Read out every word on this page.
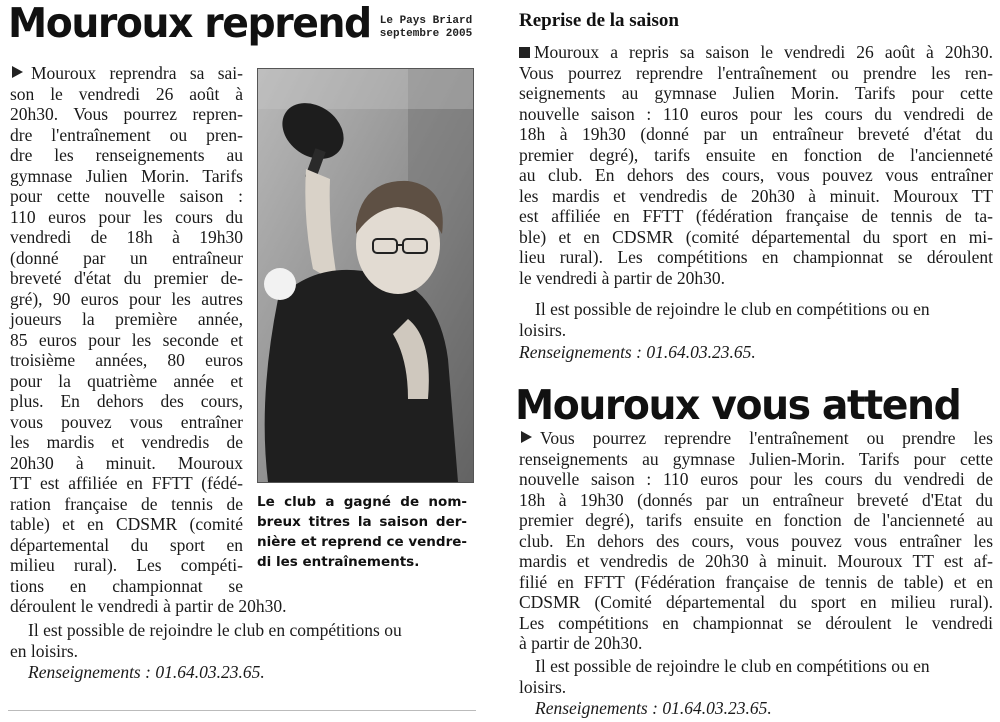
Mouroux reprend Le Pays Briard
septembre 2005
Mouroux reprendra sa sai-
son le vendredi 26 août à
20h30. Vous pourrez repren-
dre l'entraînement ou pren-
dre les renseignements au
gymnase Julien Morin. Tarifs
pour cette nouvelle saison :
110 euros pour les cours du
vendredi de 18h à 19h30
(donné par un entraîneur
breveté d'état du premier de-
gré), 90 euros pour les autres
joueurs la première année,
85 euros pour les seconde et
troisième années, 80 euros
pour la quatrième année et
plus. En dehors des cours,
vous pouvez vous entraîner
les mardis et vendredis de
20h30 à minuit. Mouroux
TT est affiliée en FFTT (fédé-
ration française de tennis de
table) et en CDSMR (comité
départemental du sport en
milieu rural). Les compéti-
tions en championnat se
déroulent le vendredi à partir de 20h30.
Il est possible de rejoindre le club en compétitions ou
en loisirs.
Renseignements : 01.64.03.23.65.
Le club a gagné de nom-
breux titres la saison der-
nière et reprend ce vendre-
di les entraînements.
Reprise de la saison
Mouroux a repris sa saison le vendredi 26 août à 20h30.
Vous pourrez reprendre l'entraînement ou prendre les ren-
seignements au gymnase Julien Morin. Tarifs pour cette
nouvelle saison : 110 euros pour les cours du vendredi de
18h à 19h30 (donné par un entraîneur breveté d'état du
premier degré), tarifs ensuite en fonction de l'ancienneté
au club. En dehors des cours, vous pouvez vous entraîner
les mardis et vendredis de 20h30 à minuit. Mouroux TT
est affiliée en FFTT (fédération française de tennis de ta-
ble) et en CDSMR (comité départemental du sport en mi-
lieu rural). Les compétitions en championnat se déroulent
le vendredi à partir de 20h30.
Il est possible de rejoindre le club en compétitions ou en
loisirs.
Renseignements : 01.64.03.23.65.
Mouroux vous attend
Vous pourrez reprendre l'entraînement ou prendre les
renseignements au gymnase Julien-Morin. Tarifs pour cette
nouvelle saison : 110 euros pour les cours du vendredi de
18h à 19h30 (donnés par un entraîneur breveté d'Etat du
premier degré), tarifs ensuite en fonction de l'ancienneté au
club. En dehors des cours, vous pouvez vous entraîner les
mardis et vendredis de 20h30 à minuit. Mouroux TT est af-
filié en FFTT (Fédération française de tennis de table) et en
CDSMR (Comité départemental du sport en milieu rural).
Les compétitions en championnat se déroulent le vendredi
à partir de 20h30.
Il est possible de rejoindre le club en compétitions ou en
loisirs.
Renseignements : 01.64.03.23.65.
